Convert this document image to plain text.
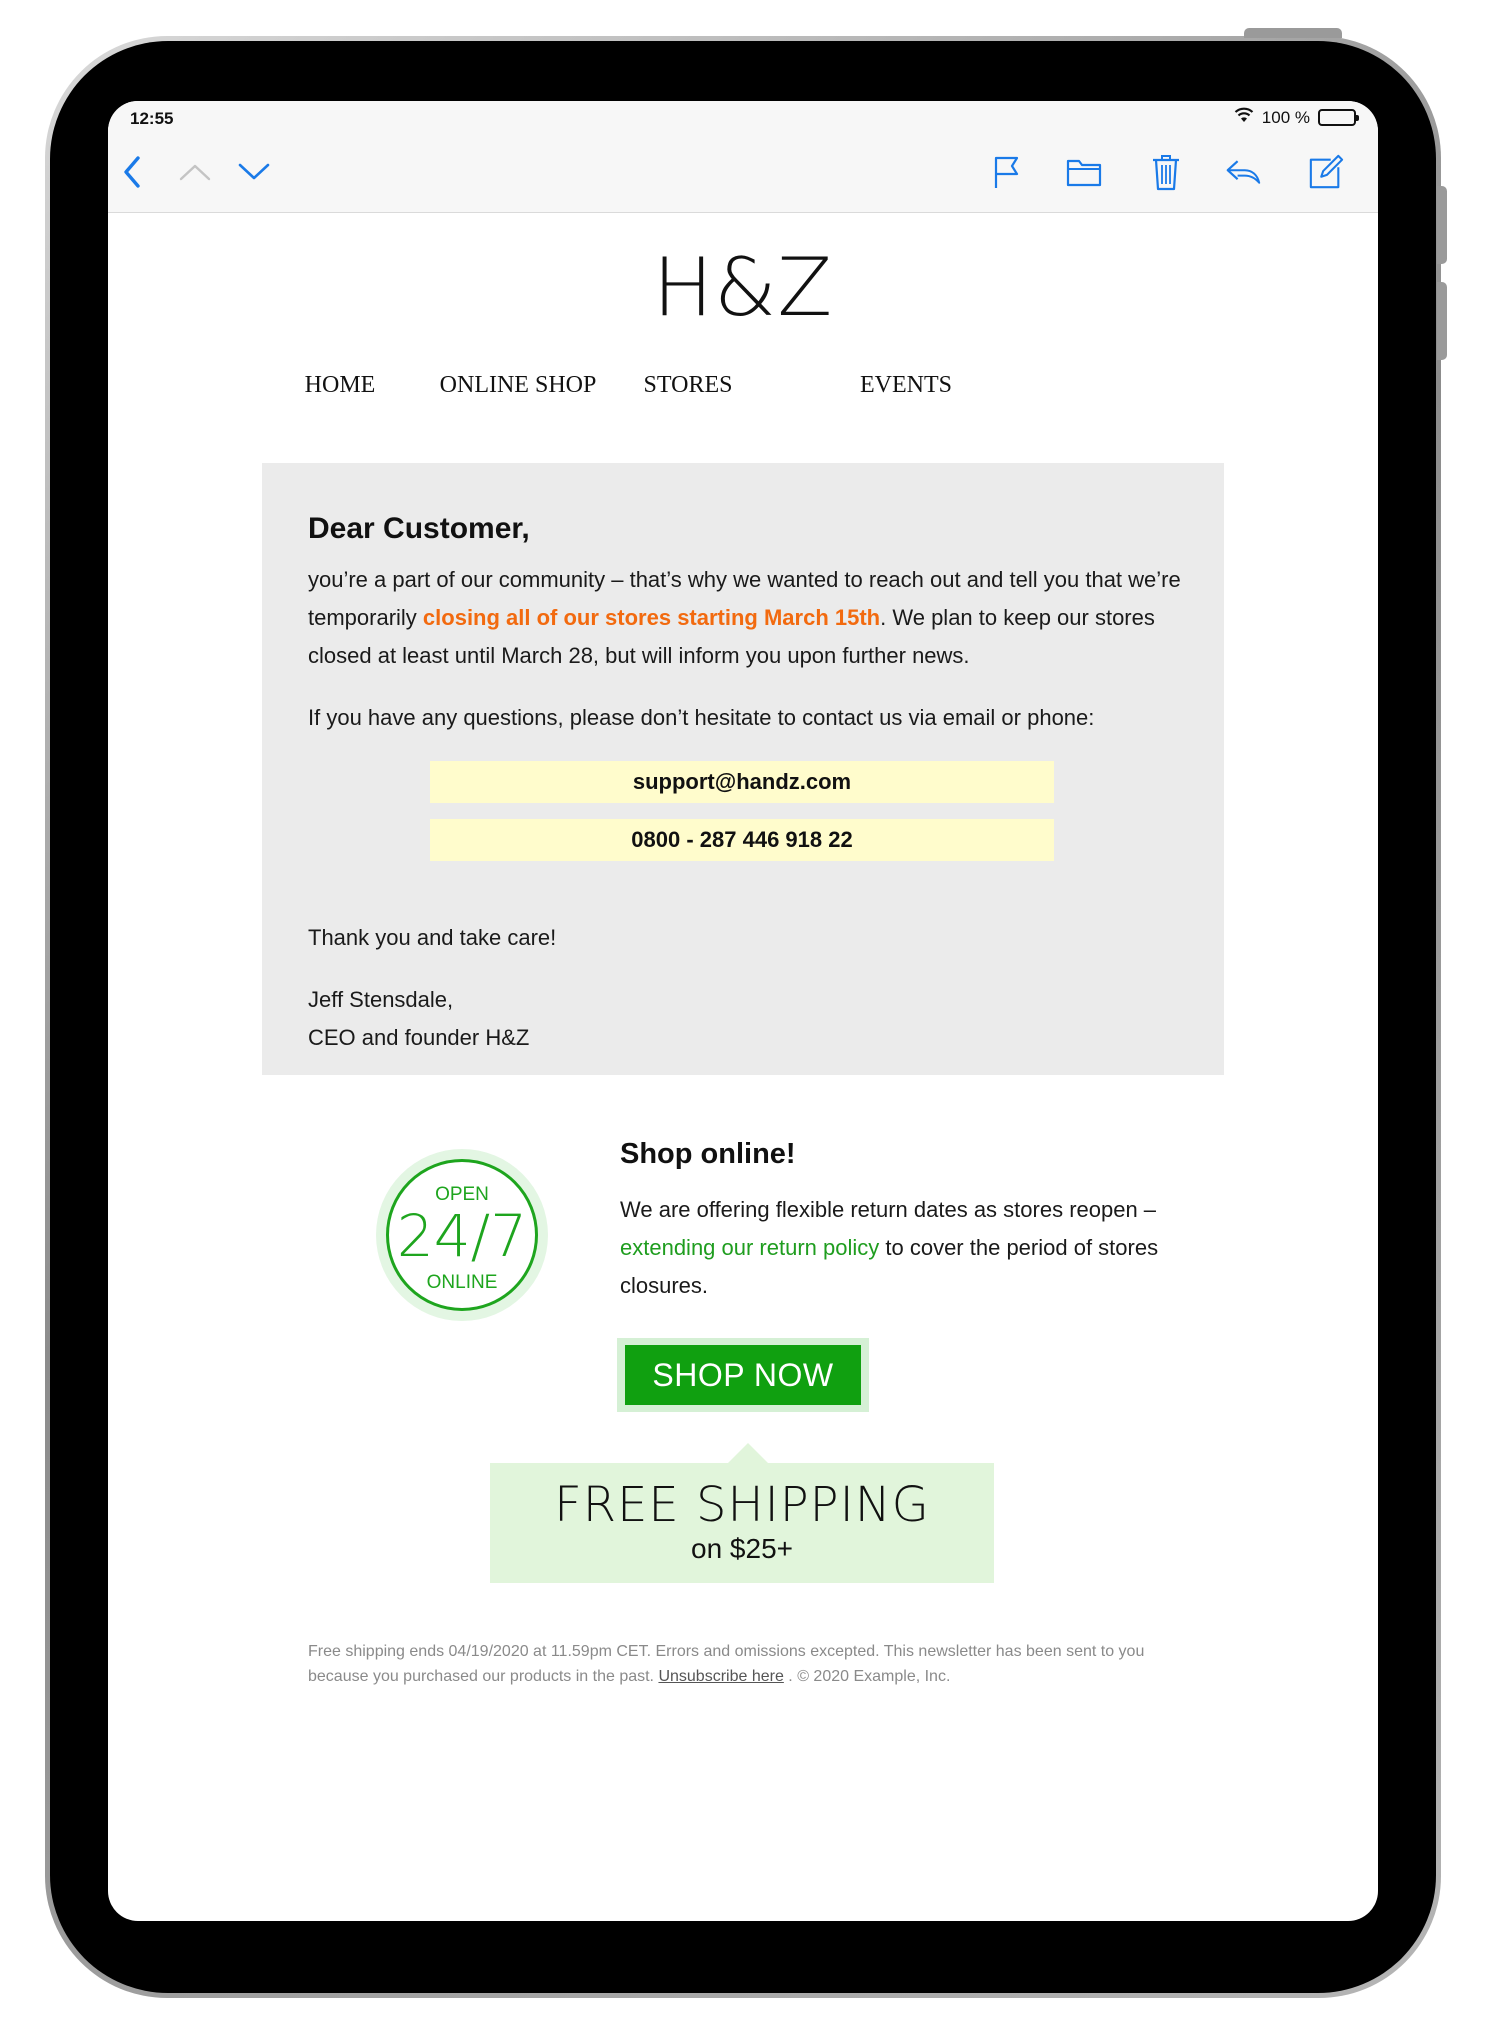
12:55	100 %
H&Z
HOME	ONLINE SHOP	STORES	EVENTS
Dear Customer,

you’re a part of our community – that’s why we wanted to reach out and tell you that we’re temporarily closing all of our stores starting March 15th. We plan to keep our stores closed at least until March 28, but will inform you upon further news.

If you have any questions, please don’t hesitate to contact us via email or phone:

support@handz.com
0800 - 287 446 918 22

Thank you and take care!

Jeff Stensdale,

CEO and founder H&Z

OPEN
24/7
ONLINE
Shop online!

We are offering flexible return dates as stores reopen – extending our return policy to cover the period of stores closures.

SHOP NOW
FREE SHIPPING
on $25+

Free shipping ends 04/19/2020 at 11.59pm CET. Errors and omissions excepted. This newsletter has been sent to you because you purchased our products in the past. Unsubscribe here . © 2020 Example, Inc.
